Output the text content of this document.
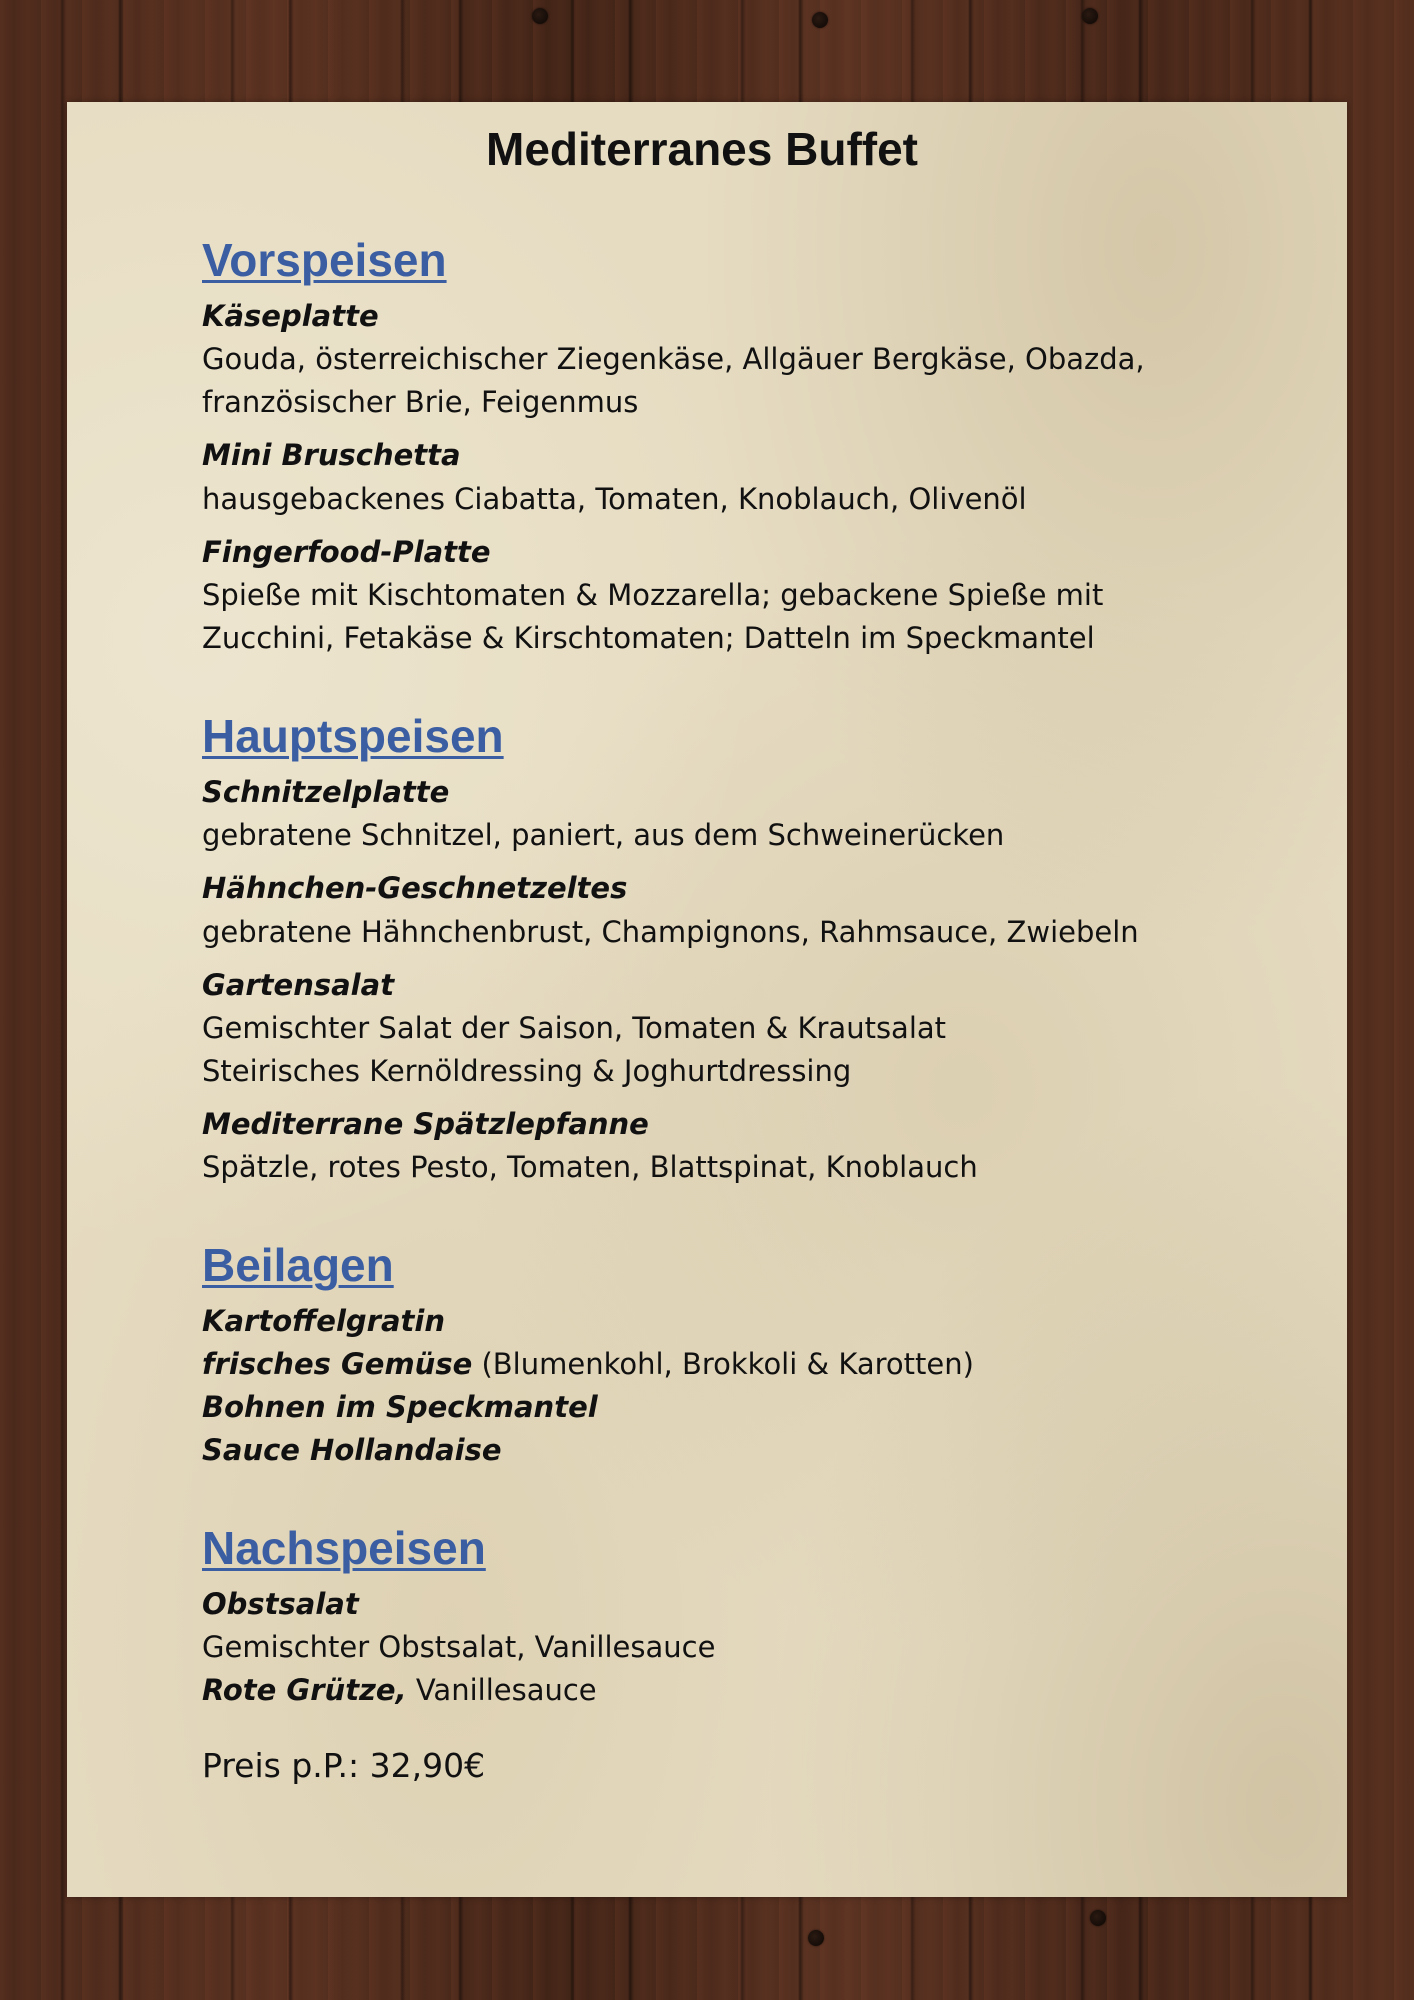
Mediterranes Buffet
Vorspeisen
Käseplatte
Gouda, österreichischer Ziegenkäse, Allgäuer Bergkäse, Obazda,
französischer Brie, Feigenmus
Mini Bruschetta
hausgebackenes Ciabatta, Tomaten, Knoblauch, Olivenöl
Fingerfood-Platte
Spieße mit Kischtomaten & Mozzarella; gebackene Spieße mit
Zucchini, Fetakäse & Kirschtomaten; Datteln im Speckmantel
Hauptspeisen
Schnitzelplatte
gebratene Schnitzel, paniert, aus dem Schweinerücken
Hähnchen-Geschnetzeltes
gebratene Hähnchenbrust, Champignons, Rahmsauce, Zwiebeln
Gartensalat
Gemischter Salat der Saison, Tomaten & Krautsalat
Steirisches Kernöldressing & Joghurtdressing
Mediterrane Spätzlepfanne
Spätzle, rotes Pesto, Tomaten, Blattspinat, Knoblauch
Beilagen
Kartoffelgratin
frisches Gemüse (Blumenkohl, Brokkoli & Karotten)
Bohnen im Speckmantel
Sauce Hollandaise
Nachspeisen
Obstsalat
Gemischter Obstsalat, Vanillesauce
Rote Grütze, Vanillesauce
Preis p.P.: 32,90€
